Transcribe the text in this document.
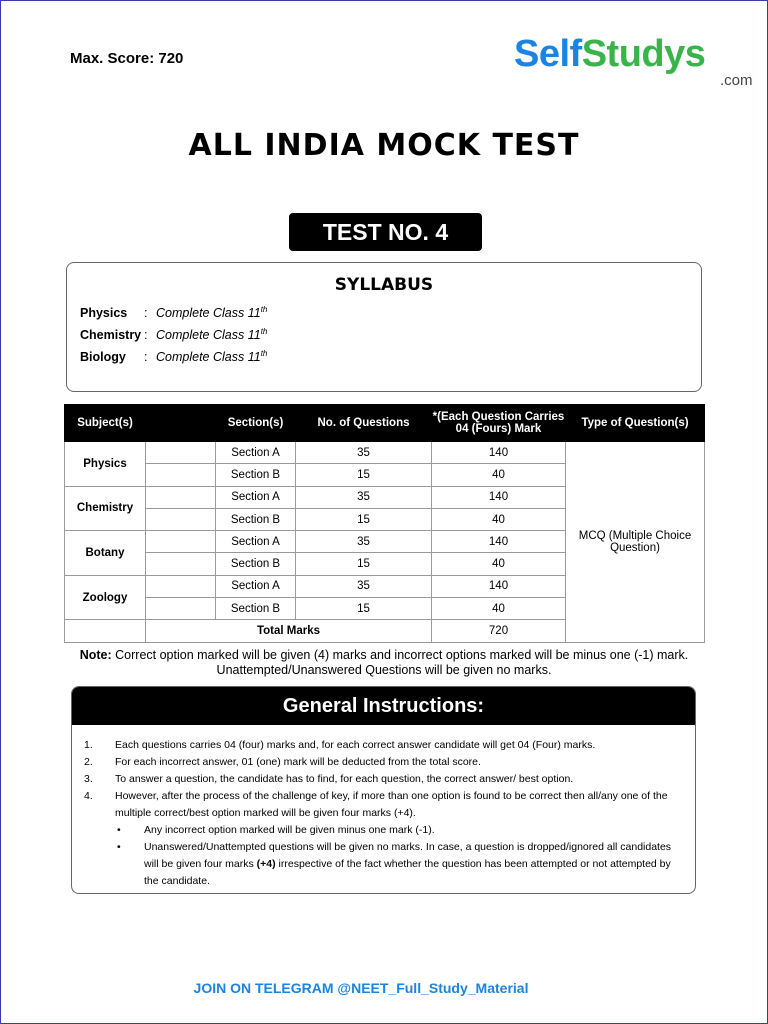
Max. Score: 720	SelfStudys
.com
ALL INDIA MOCK TEST
TEST NO. 4
SYLLABUS
Physics : Complete Class 11th
Chemistry : Complete Class 11th
Biology : Complete Class 11th
Subject(s)		Section(s)	No. of Questions	*(Each Question Carries 04 (Fours) Mark	Type of Question(s)
Physics		Section A	35	140	MCQ (Multiple Choice Question)
		Section B	15	40	
Chemistry		Section A	35	140	
		Section B	15	40	
Botany		Section A	35	140	
		Section B	15	40	
Zoology		Section A	35	140	
		Section B	15	40	
	Total Marks			720	
Note: Correct option marked will be given (4) marks and incorrect options marked will be minus one (-1) mark.
Unattempted/Unanswered Questions will be given no marks.
General Instructions:
1. Each questions carries 04 (four) marks and, for each correct answer candidate will get 04 (Four) marks.
2. For each incorrect answer, 01 (one) mark will be deducted from the total score.
3. To answer a question, the candidate has to find, for each question, the correct answer/ best option.
4. However, after the process of the challenge of key, if more than one option is found to be correct then all/any one of the multiple correct/best option marked will be given four marks (+4).
• Any incorrect option marked will be given minus one mark (-1).
• Unanswered/Unattempted questions will be given no marks. In case, a question is dropped/ignored all candidates will be given four marks (+4) irrespective of the fact whether the question has been attempted or not attempted by the candidate.
JOIN ON TELEGRAM @NEET_Full_Study_Material
